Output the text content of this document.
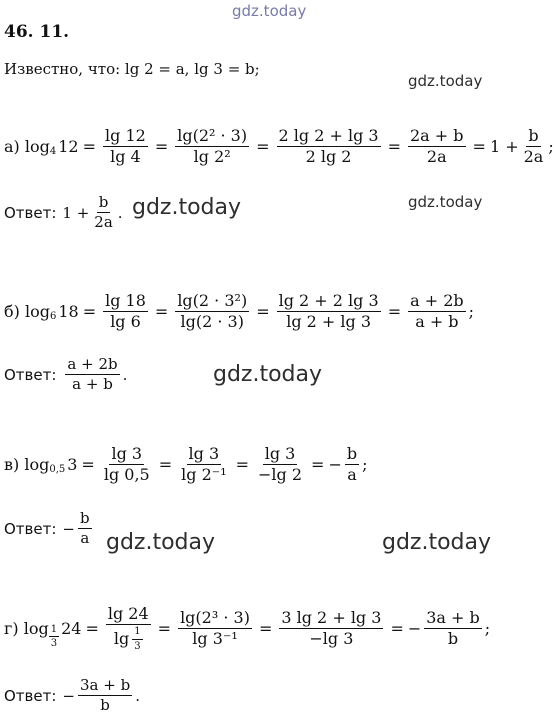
gdz.today
gdz.today
gdz.today
gdz.today
gdz.today
gdz.today	gdz.today
46. 11.
Известно, что: lg 2 = a, lg 3 = b;
а) log 4 $12 = \frac{\lg 12}{\lg 4} = \frac{\text{lg(2² · 3)}}{\text{lg 2²}} = \frac{2 \lg 2 + \lg 3}{2 \lg 2} = \frac{2a + b}{2a} = 1 + \frac{b}{2a}$ ;
Ответ: $1 + \frac{b}{2a}$ .
б) log 6 $18 = \frac{\lg 18}{\lg 6} = \frac{\text{lg(2 · 3²)}}{\lg(2 \cdot 3)} = \frac{\lg 2 + 2 \lg 3}{\lg 2 + \lg 3} = \frac{a + 2b}{a + b}$ ;
Ответ: $\frac{a + 2b}{a + b}$ .
в) log 0,5 $3 = \frac{\lg 3}{\lg 0,5} = \frac{\lg 3}{\text{lg 2⁻¹}} = \frac{\lg 3}{-\lg 2}$ = − $\frac{b}{a}$ ;
Ответ: − $\frac{b}{a}$
г) $\log \frac{1}{3} 24 = \frac{\lg 24}{\lg \frac{1}{3}} = \frac{\text{lg(2³ · 3)}}{\text{lg 3⁻¹}} = \frac{3 \lg 2 + \lg 3}{-\lg 3}$ = − $\frac{3a + b}{b}$ ;
Ответ: − $\frac{3a + b}{b}$ .
